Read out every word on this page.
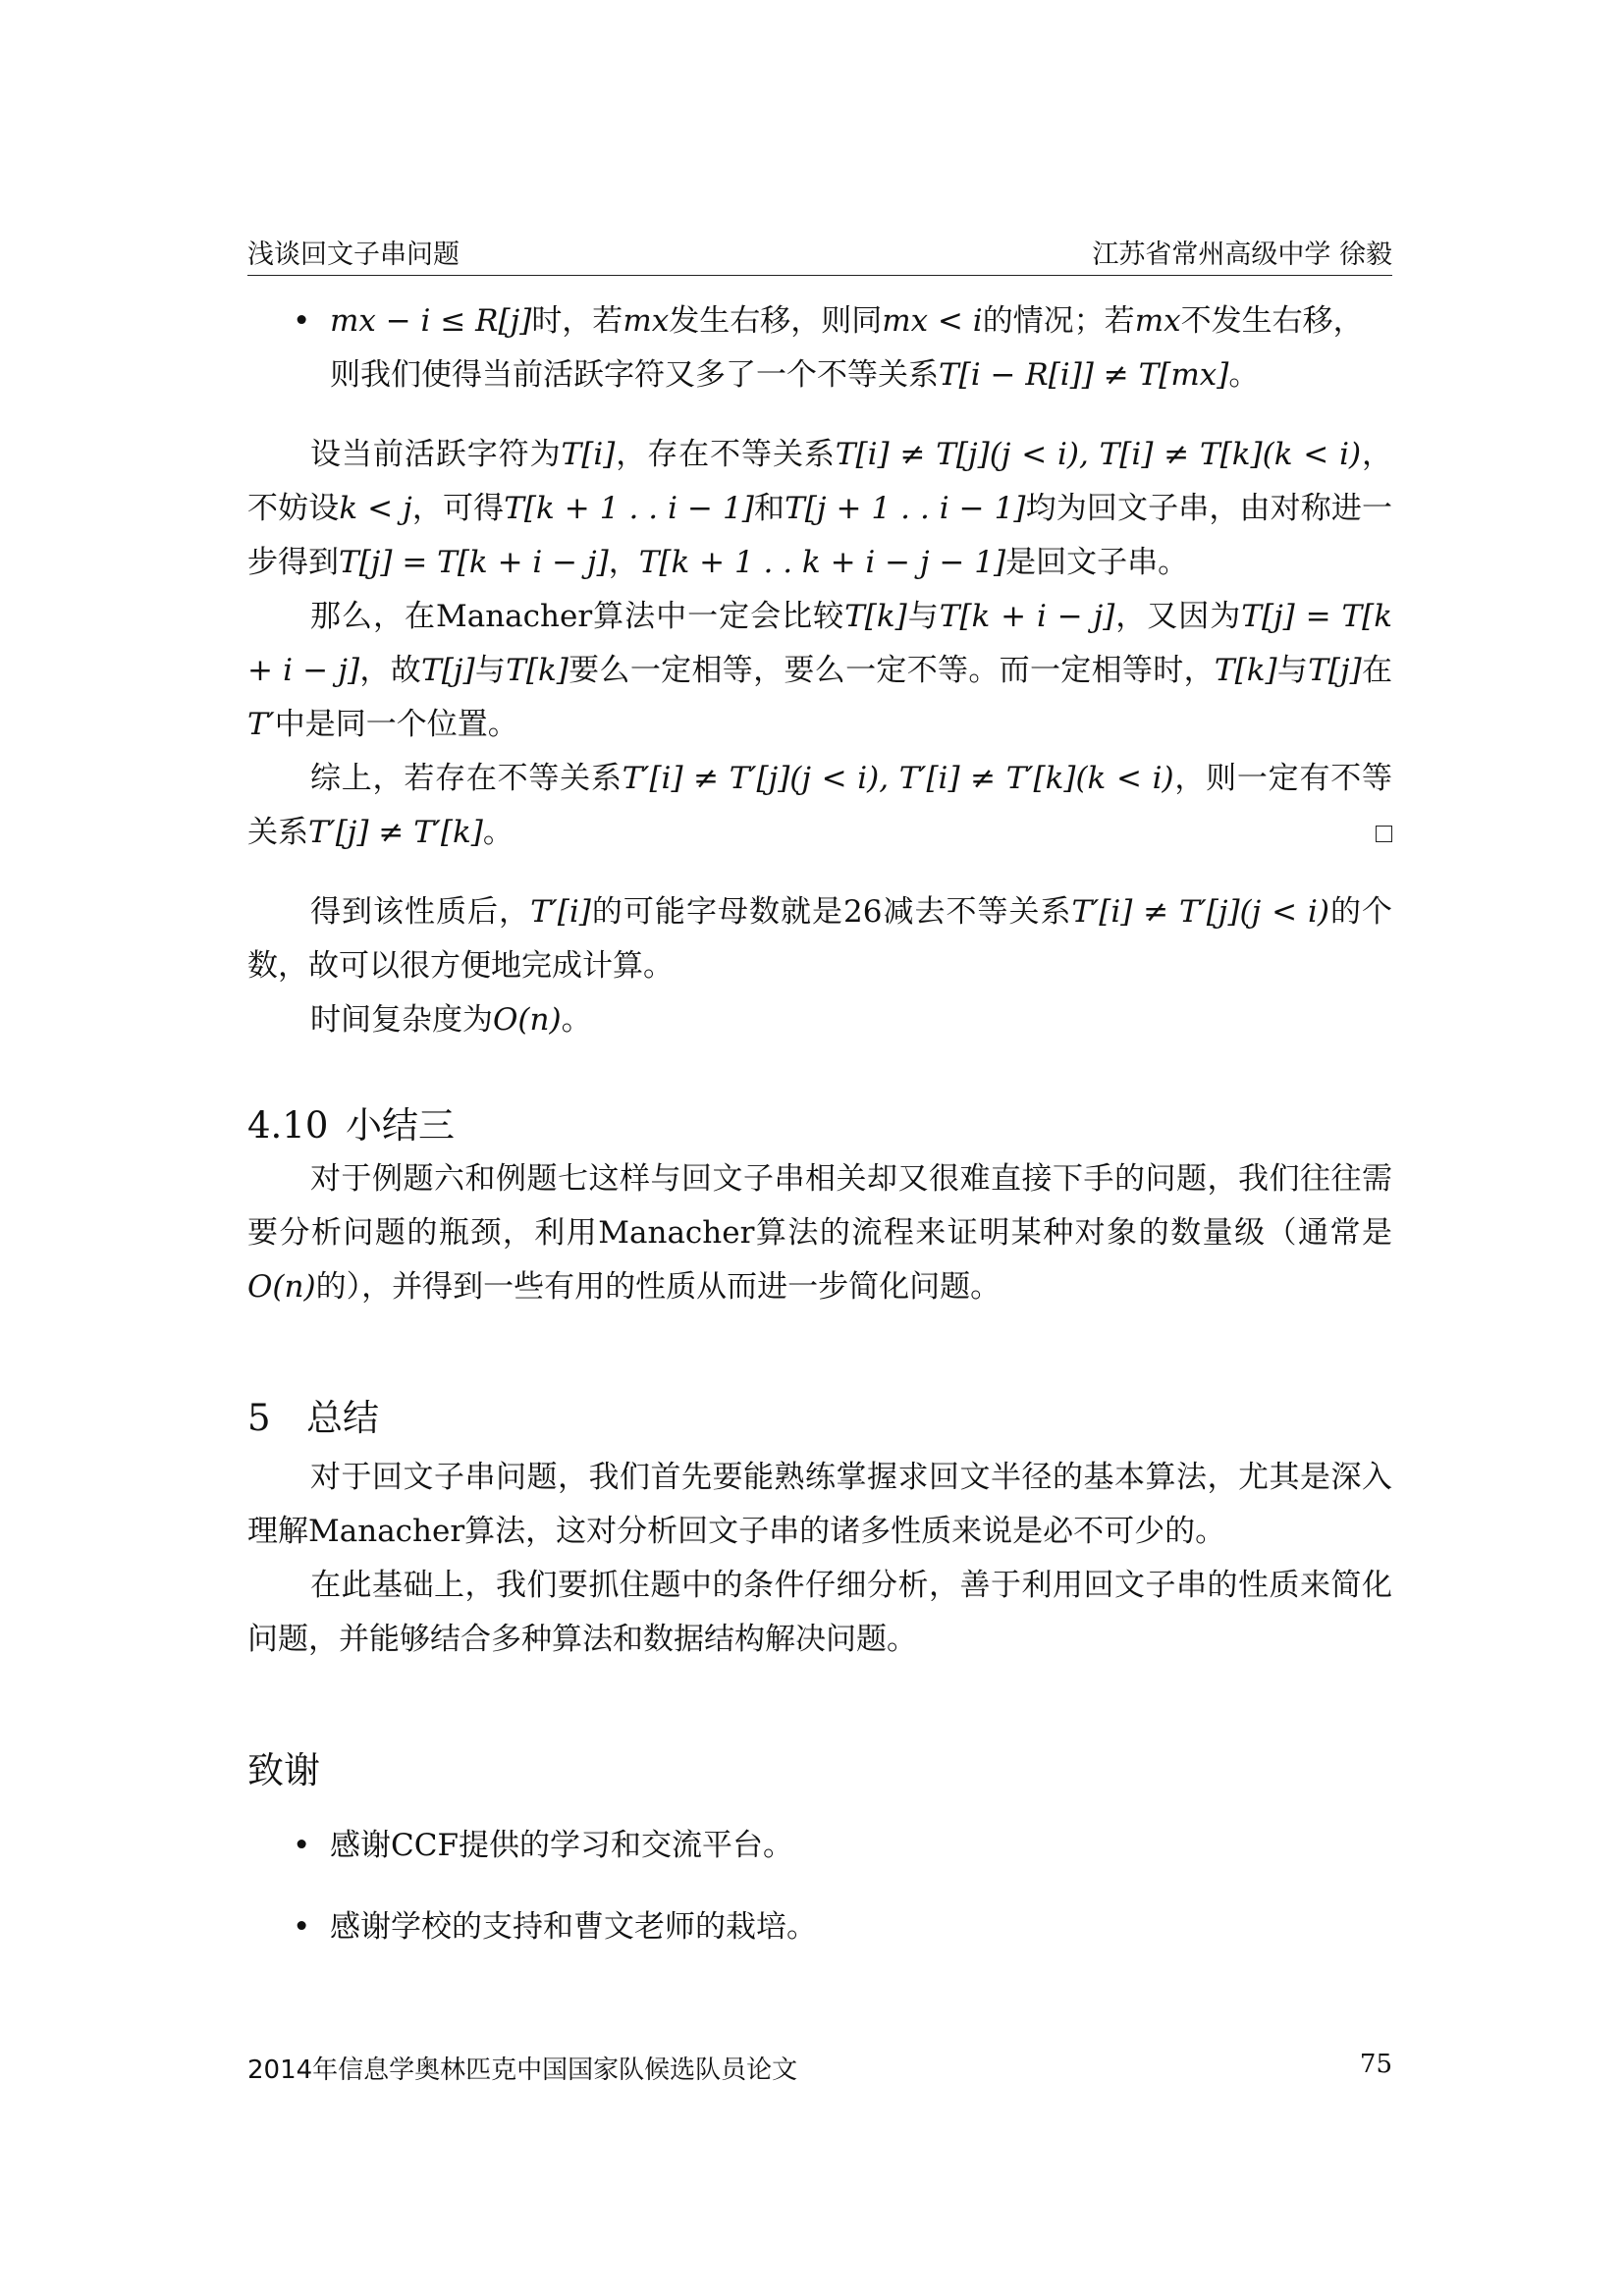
浅谈回文子串问题	江苏省常州高级中学 徐毅
• mx − i ≤ R[j]时，若mx发生右移，则同mx < i的情况；若mx不发生右移，则我们使得当前活跃字符又多了一个不等关系T[i − R[i]] ≠ T[mx]。

设当前活跃字符为T[i]，存在不等关系T[i] ≠ T[j](j < i), T[i] ≠ T[k](k < i)，不妨设k < j，可得T[k + 1 . . i − 1]和T[j + 1 . . i − 1]均为回文子串，由对称进一步得到T[j] = T[k + i − j]，T[k + 1 . . k + i − j − 1]是回文子串。

那么，在Manacher算法中一定会比较T[k]与T[k + i − j]，又因为T[j] = T[k + i − j]，故T[j]与T[k]要么一定相等，要么一定不等。而一定相等时，T[k]与T[j]在T′中是同一个位置。

综上，若存在不等关系T′[i] ≠ T′[j](j < i), T′[i] ≠ T′[k](k < i)，则一定有不等关系T′[j] ≠ T′[k]。

得到该性质后，T′[i]的可能字母数就是26减去不等关系T′[i] ≠ T′[j](j < i)的个数，故可以很方便地完成计算。

时间复杂度为O(n)。

4.10 小结三

对于例题六和例题七这样与回文子串相关却又很难直接下手的问题，我们往往需要分析问题的瓶颈，利用Manacher算法的流程来证明某种对象的数量级（通常是O(n)的），并得到一些有用的性质从而进一步简化问题。

5 总结

对于回文子串问题，我们首先要能熟练掌握求回文半径的基本算法，尤其是深入理解Manacher算法，这对分析回文子串的诸多性质来说是必不可少的。

在此基础上，我们要抓住题中的条件仔细分析，善于利用回文子串的性质来简化问题，并能够结合多种算法和数据结构解决问题。

致谢
• 感谢CCF提供的学习和交流平台。
• 感谢学校的支持和曹文老师的栽培。
2014年信息学奥林匹克中国国家队候选队员论文	75
